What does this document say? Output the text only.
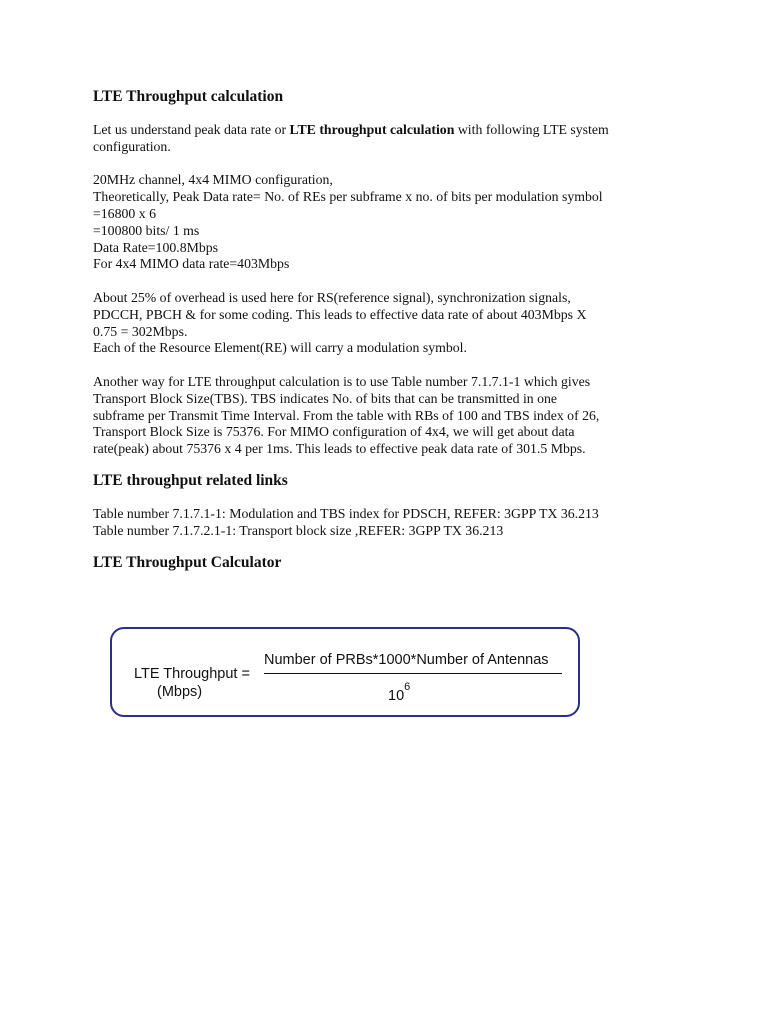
LTE Throughput calculation
Let us understand peak data rate or LTE throughput calculation with following LTE system
configuration.
20MHz channel, 4x4 MIMO configuration,
Theoretically, Peak Data rate= No. of REs per subframe x no. of bits per modulation symbol
=16800 x 6
=100800 bits/ 1 ms
Data Rate=100.8Mbps
For 4x4 MIMO data rate=403Mbps
About 25% of overhead is used here for RS(reference signal), synchronization signals,
PDCCH, PBCH & for some coding. This leads to effective data rate of about 403Mbps X
0.75 = 302Mbps.
Each of the Resource Element(RE) will carry a modulation symbol.
Another way for LTE throughput calculation is to use Table number 7.1.7.1-1 which gives
Transport Block Size(TBS). TBS indicates No. of bits that can be transmitted in one
subframe per Transmit Time Interval. From the table with RBs of 100 and TBS index of 26,
Transport Block Size is 75376. For MIMO configuration of 4x4, we will get about data
rate(peak) about 75376 x 4 per 1ms. This leads to effective peak data rate of 301.5 Mbps.
LTE throughput related links
Table number 7.1.7.1-1: Modulation and TBS index for PDSCH, REFER: 3GPP TX 36.213
Table number 7.1.7.2.1-1: Transport block size ,REFER: 3GPP TX 36.213
LTE Throughput Calculator
LTE Throughput =
(Mbps)
Number of PRBs*1000*Number of Antennas
$10^6$
